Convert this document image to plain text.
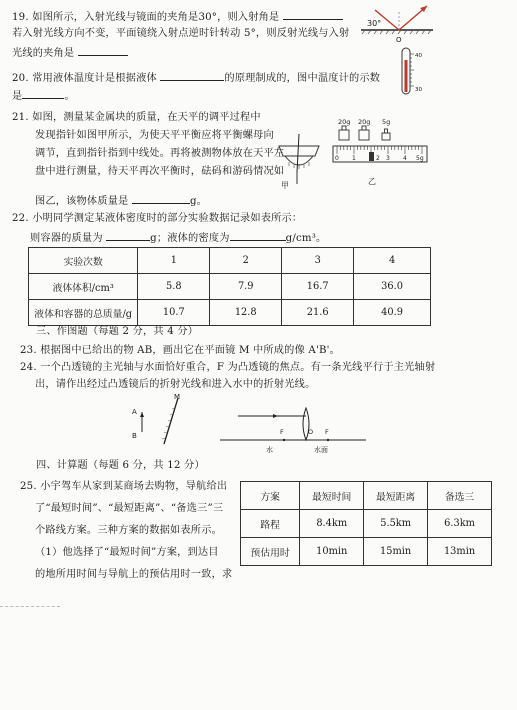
19. 如图所示，入射光线与镜面的夹角是30°，则入射角是
若入射光线方向不变，平面镜绕入射点逆时针转动 5°，则反射光线与入射
光线的夹角是
30°
O
20. 常用液体温度计是根据液体	的原理制成的，图中温度计的示数
是	。
40
30
21. 如图，测量某金属块的质量，在天平的调平过程中
发现指针如图甲所示，为使天平平衡应将平衡螺母向
调节，直到指针指到中线处。再将被测物体放在天平左
盘中进行测量，待天平再次平衡时，砝码和游码情况如
图乙，该物体质量是	g。
甲
20g 20g 5g
0 1	2 3 4 5g
乙
22. 小明同学测定某液体密度时的部分实验数据记录如表所示：
则容器的质量为	g；液体的密度为	g/cm³。
实验次数	1	2	3	4
液体体积/cm³	5.8	7.9	16.7	36.0
液体和容器的总质量/g	10.7	12.8	21.6	40.9
三、作图题（每题 2 分，共 4 分）
23. 根据图中已给出的物 AB，画出它在平面镜 M 中所成的像 A'B'。
24. 一个凸透镜的主光轴与水面恰好重合，F 为凸透镜的焦点。有一条光线平行于主光轴射
出，请作出经过凸透镜后的折射光线和进入水中的折射光线。
A
B
M
F	O F
水	水面
四、计算题（每题 6 分，共 12 分）
25. 小宇驾车从家到某商场去购物，导航给出
了“最短时间”、“最短距离”、“备选三”三
个路线方案。三种方案的数据如表所示。
（1）他选择了“最短时间”方案，到达目
的地所用时间与导航上的预估用时一致，求
方案	最短时间	最短距离	备选三
路程	8.4km	5.5km	6.3km
预估用时	10min	15min	13min
